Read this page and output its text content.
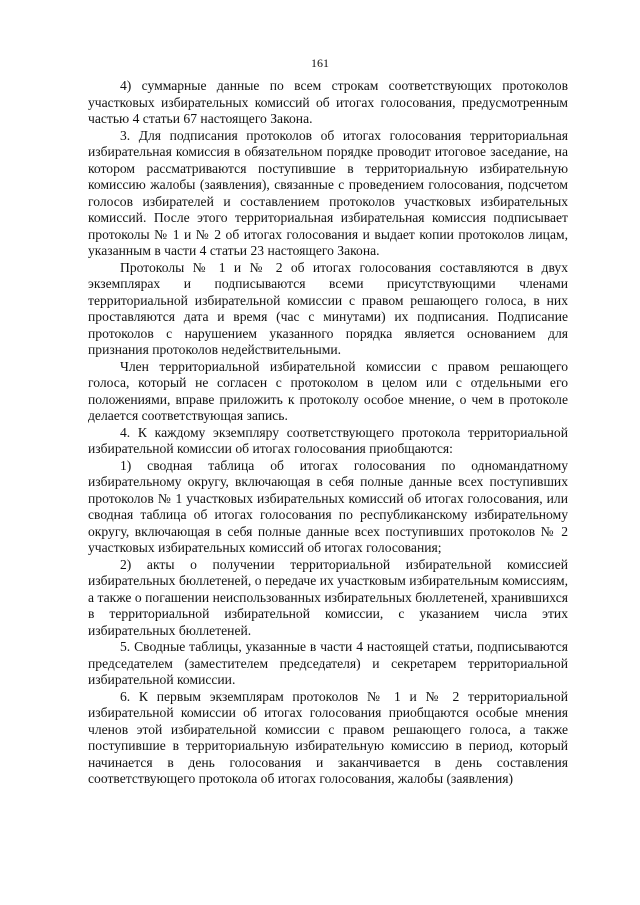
161

4) суммарные данные по всем строкам соответствующих протоколов участковых избирательных комиссий об итогах голосования, предусмотренным частью 4 статьи 67 настоящего Закона.

3. Для подписания протоколов об итогах голосования территориальная избирательная комиссия в обязательном порядке проводит итоговое заседание, на котором рассматриваются поступившие в территориальную избирательную комиссию жалобы (заявления), связанные с проведением голосования, подсчетом голосов избирателей и составлением протоколов участковых избирательных комиссий. После этого территориальная избирательная комиссия подписывает протоколы № 1 и № 2 об итогах голосования и выдает копии протоколов лицам, указанным в части 4 статьи 23 настоящего Закона.

Протоколы № 1 и № 2 об итогах голосования составляются в двух экземплярах и подписываются всеми присутствующими членами территориальной избирательной комиссии с правом решающего голоса, в них проставляются дата и время (час с минутами) их подписания. Подписание протоколов с нарушением указанного порядка является основанием для признания протоколов недействительными.

Член территориальной избирательной комиссии с правом решающего голоса, который не согласен с протоколом в целом или с отдельными его положениями, вправе приложить к протоколу особое мнение, о чем в протоколе делается соответствующая запись.

4. К каждому экземпляру соответствующего протокола территориальной избирательной комиссии об итогах голосования приобщаются:

1) сводная таблица об итогах голосования по одномандатному избирательному округу, включающая в себя полные данные всех поступивших протоколов № 1 участковых избирательных комиссий об итогах голосования, или сводная таблица об итогах голосования по республиканскому избирательному округу, включающая в себя полные данные всех поступивших протоколов № 2 участковых избирательных комиссий об итогах голосования;

2) акты о получении территориальной избирательной комиссией избирательных бюллетеней, о передаче их участковым избирательным комиссиям, а также о погашении неиспользованных избирательных бюллетеней, хранившихся в территориальной избирательной комиссии, с указанием числа этих избирательных бюллетеней.

5. Сводные таблицы, указанные в части 4 настоящей статьи, подписываются председателем (заместителем председателя) и секретарем территориальной избирательной комиссии.

6. К первым экземплярам протоколов № 1 и № 2 территориальной избирательной комиссии об итогах голосования приобщаются особые мнения членов этой избирательной комиссии с правом решающего голоса, а также поступившие в территориальную избирательную комиссию в период, который начинается в день голосования и заканчивается в день составления соответствующего протокола об итогах голосования, жалобы (заявления)
